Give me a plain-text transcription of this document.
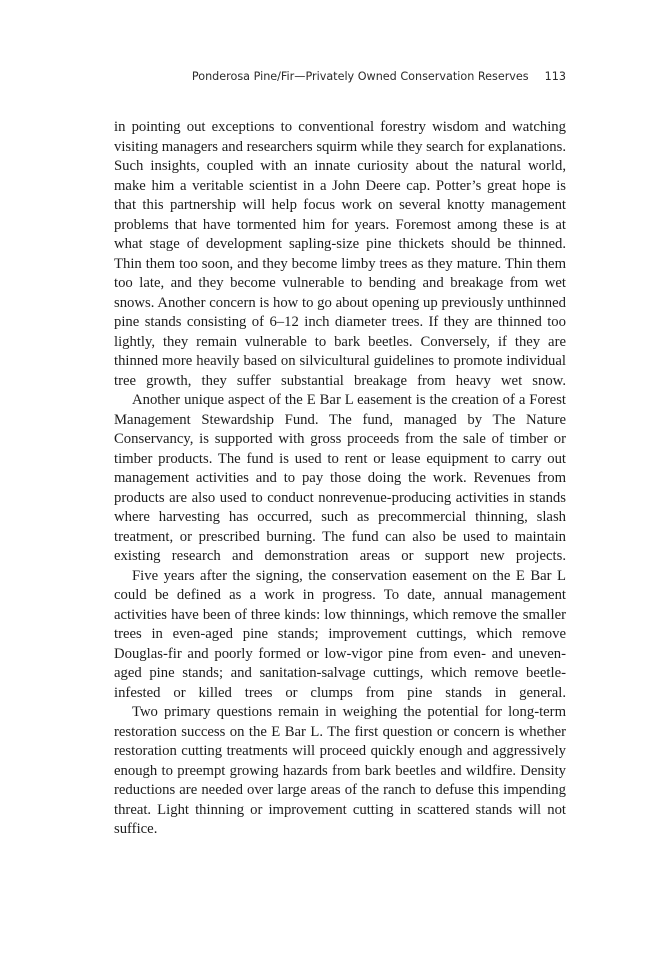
Ponderosa Pine/Fir—Privately Owned Conservation Reserves 113

in pointing out exceptions to conventional forestry wisdom and watching visiting managers and researchers squirm while they search for explanations. Such insights, coupled with an innate curiosity about the natural world, make him a veritable scientist in a John Deere cap. Potter’s great hope is that this partnership will help focus work on several knotty management problems that have tormented him for years. Foremost among these is at what stage of development sapling-size pine thickets should be thinned. Thin them too soon, and they become limby trees as they mature. Thin them too late, and they become vulnerable to bending and breakage from wet snows. Another concern is how to go about opening up previously unthinned pine stands consisting of 6–12 inch diameter trees. If they are thinned too lightly, they remain vulnerable to bark beetles. Conversely, if they are thinned more heavily based on silvicultural guidelines to promote individual tree growth, they suffer substantial breakage from heavy wet snow.

Another unique aspect of the E Bar L easement is the creation of a Forest Management Stewardship Fund. The fund, managed by The Nature Conservancy, is supported with gross proceeds from the sale of timber or timber products. The fund is used to rent or lease equipment to carry out management activities and to pay those doing the work. Revenues from products are also used to conduct nonrevenue-producing activities in stands where harvesting has occurred, such as precommercial thinning, slash treatment, or prescribed burning. The fund can also be used to maintain existing research and demonstration areas or support new projects.

Five years after the signing, the conservation easement on the E Bar L could be defined as a work in progress. To date, annual management activities have been of three kinds: low thinnings, which remove the smaller trees in even-aged pine stands; improvement cuttings, which remove Douglas-fir and poorly formed or low-vigor pine from even- and uneven-aged pine stands; and sanitation-salvage cuttings, which remove beetle-infested or killed trees or clumps from pine stands in general.

Two primary questions remain in weighing the potential for long-term restoration success on the E Bar L. The first question or concern is whether restoration cutting treatments will proceed quickly enough and aggressively enough to preempt growing hazards from bark beetles and wildfire. Density reductions are needed over large areas of the ranch to defuse this impending threat. Light thinning or improvement cutting in scattered stands will not suffice.
